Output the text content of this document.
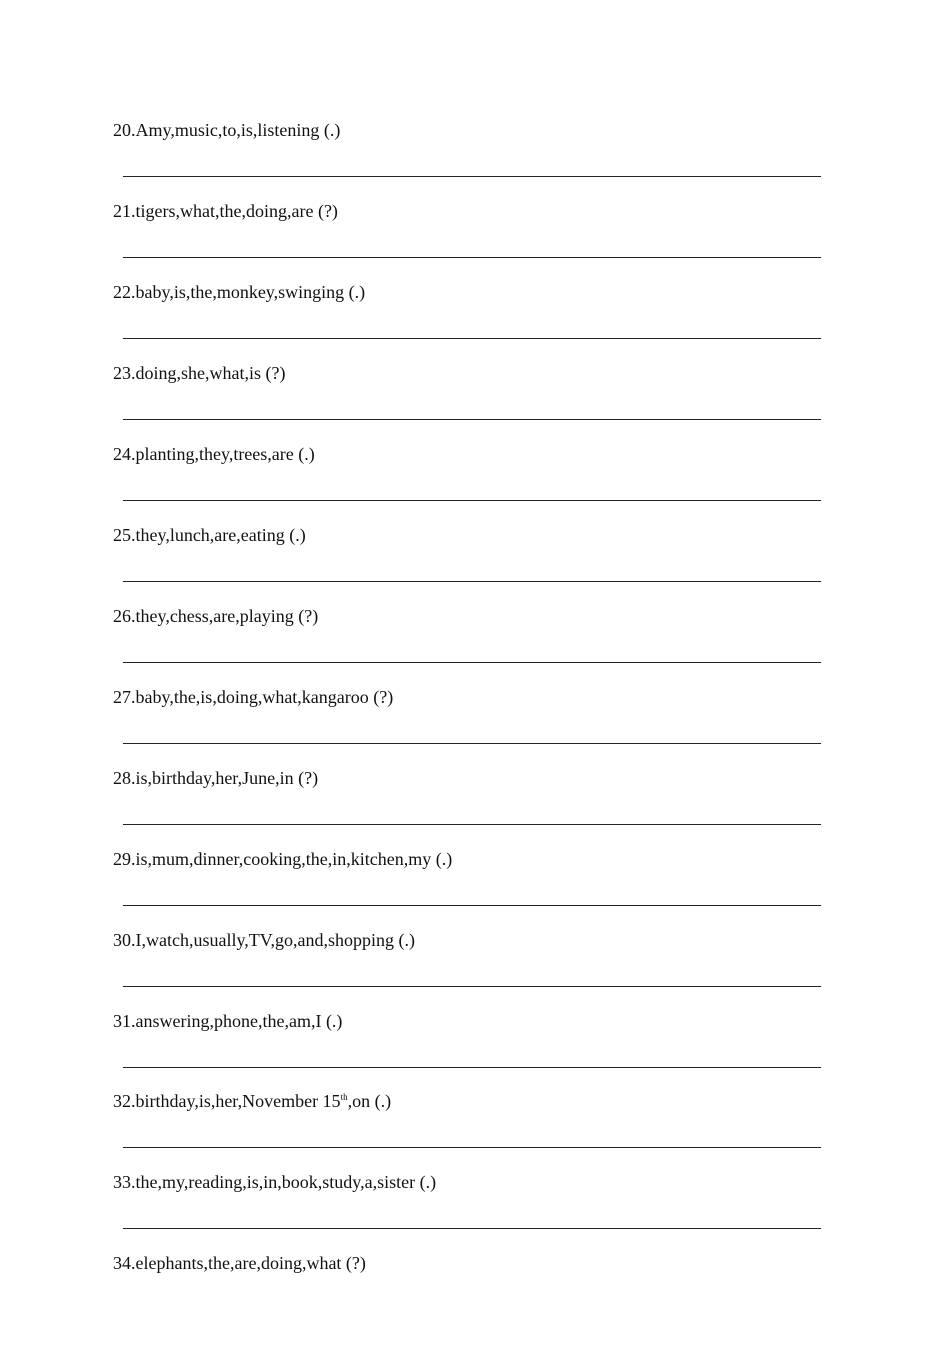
20.Amy,music,to,is,listening (.)
21.tigers,what,the,doing,are (?)
22.baby,is,the,monkey,swinging (.)
23.doing,she,what,is (?)
24.planting,they,trees,are (.)
25.they,lunch,are,eating (.)
26.they,chess,are,playing (?)
27.baby,the,is,doing,what,kangaroo (?)
28.is,birthday,her,June,in (?)
29.is,mum,dinner,cooking,the,in,kitchen,my (.)
30.I,watch,usually,TV,go,and,shopping (.)
31.answering,phone,the,am,I (.)
32.birthday,is,her,November 15th,on (.)
33.the,my,reading,is,in,book,study,a,sister (.)
34.elephants,the,are,doing,what (?)
